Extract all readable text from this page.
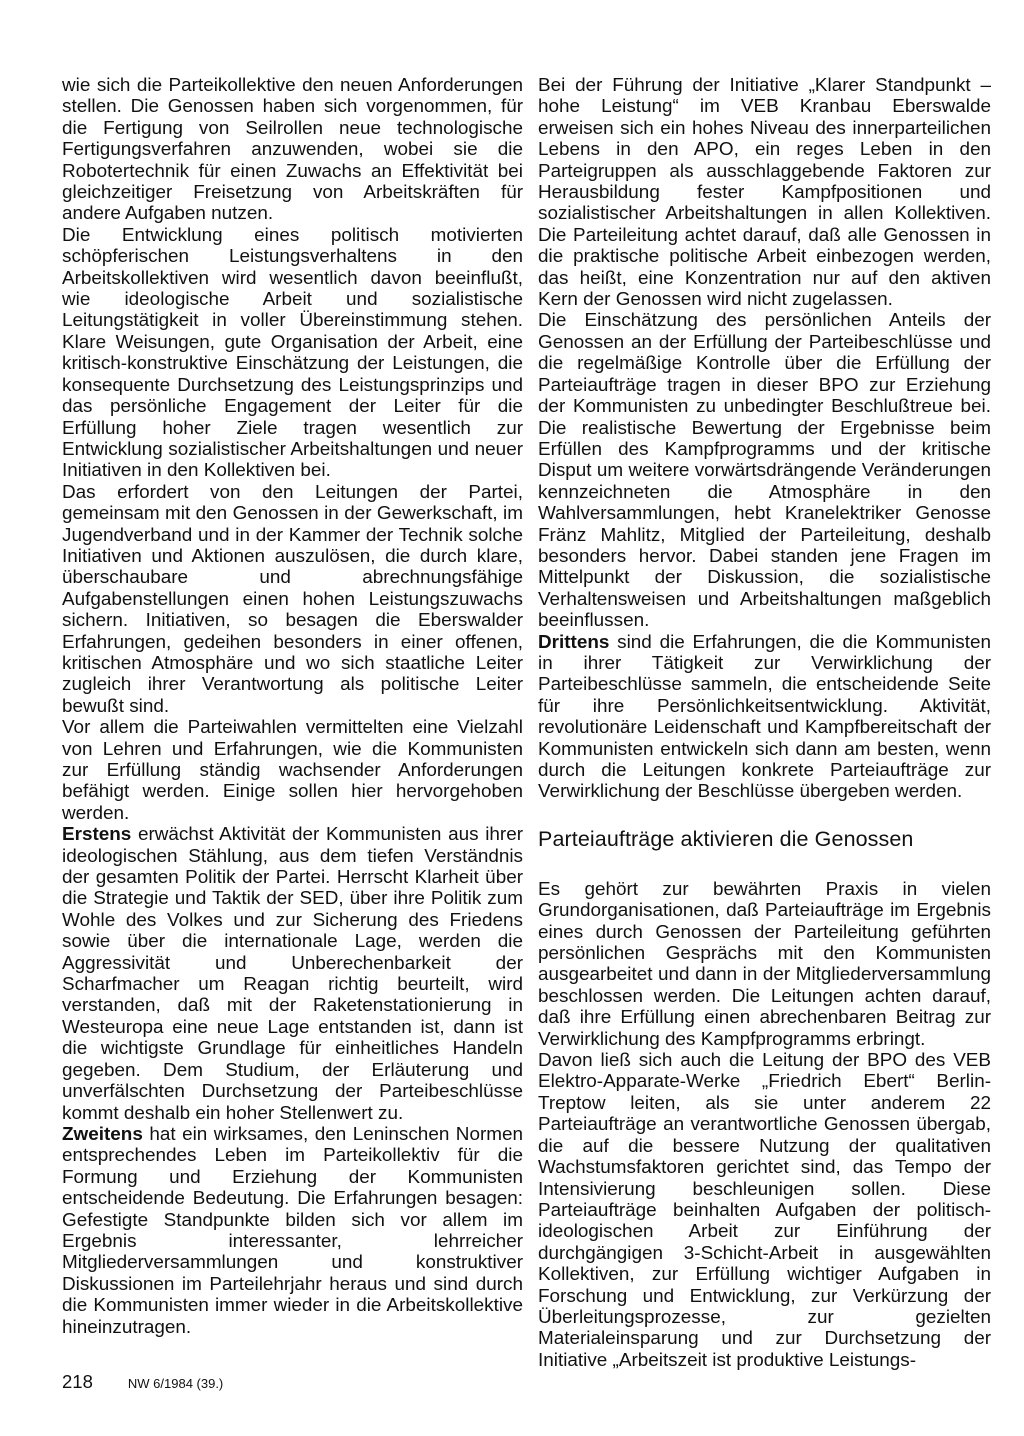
wie sich die Parteikollektive den neuen Anforderungen stellen. Die Genossen haben sich vorgenommen, für die Fertigung von Seilrollen neue technologische Fertigungsverfahren anzuwenden, wobei sie die Robotertechnik für einen Zuwachs an Effektivität bei gleichzeitiger Freisetzung von Arbeitskräften für andere Aufgaben nutzen.

Die Entwicklung eines politisch motivierten schöpferischen Leistungsverhaltens in den Arbeitskollektiven wird wesentlich davon beeinflußt, wie ideologische Arbeit und sozialistische Leitungstätigkeit in voller Übereinstimmung stehen. Klare Weisungen, gute Organisation der Arbeit, eine kritisch-konstruktive Einschätzung der Leistungen, die konsequente Durchsetzung des Leistungsprinzips und das persönliche Engagement der Leiter für die Erfüllung hoher Ziele tragen wesentlich zur Entwicklung sozialistischer Arbeitshaltungen und neuer Initiativen in den Kollektiven bei.

Das erfordert von den Leitungen der Partei, gemeinsam mit den Genossen in der Gewerkschaft, im Jugendverband und in der Kammer der Technik solche Initiativen und Aktionen auszulösen, die durch klare, überschaubare und abrechnungsfähige Aufgabenstellungen einen hohen Leistungszuwachs sichern. Initiativen, so besagen die Eberswalder Erfahrungen, gedeihen besonders in einer offenen, kritischen Atmosphäre und wo sich staatliche Leiter zugleich ihrer Verantwortung als politische Leiter bewußt sind.

Vor allem die Parteiwahlen vermittelten eine Vielzahl von Lehren und Erfahrungen, wie die Kommunisten zur Erfüllung ständig wachsender Anforderungen befähigt werden. Einige sollen hier hervorgehoben werden.

Erstens erwächst Aktivität der Kommunisten aus ihrer ideologischen Stählung, aus dem tiefen Verständnis der gesamten Politik der Partei. Herrscht Klarheit über die Strategie und Taktik der SED, über ihre Politik zum Wohle des Volkes und zur Sicherung des Friedens sowie über die internationale Lage, werden die Aggressivität und Unberechenbarkeit der Scharfmacher um Reagan richtig beurteilt, wird verstanden, daß mit der Raketenstationierung in Westeuropa eine neue Lage entstanden ist, dann ist die wichtigste Grundlage für einheitliches Handeln gegeben. Dem Studium, der Erläuterung und unverfälschten Durchsetzung der Parteibeschlüsse kommt deshalb ein hoher Stellenwert zu.

Zweitens hat ein wirksames, den Leninschen Normen entsprechendes Leben im Parteikollektiv für die Formung und Erziehung der Kommunisten entscheidende Bedeutung. Die Erfahrungen besagen: Gefestigte Standpunkte bilden sich vor allem im Ergebnis interessanter, lehrreicher Mitgliederversammlungen und konstruktiver Diskussionen im Parteilehrjahr heraus und sind durch die Kommunisten immer wieder in die Arbeitskollektive hineinzutragen.

Bei der Führung der Initiative „Klarer Standpunkt – hohe Leistung“ im VEB Kranbau Eberswalde erweisen sich ein hohes Niveau des innerparteilichen Lebens in den APO, ein reges Leben in den Parteigruppen als ausschlaggebende Faktoren zur Herausbildung fester Kampfpositionen und sozialistischer Arbeitshaltungen in allen Kollektiven. Die Parteileitung achtet darauf, daß alle Genossen in die praktische politische Arbeit einbezogen werden, das heißt, eine Konzentration nur auf den aktiven Kern der Genossen wird nicht zugelassen.

Die Einschätzung des persönlichen Anteils der Genossen an der Erfüllung der Parteibeschlüsse und die regelmäßige Kontrolle über die Erfüllung der Parteiaufträge tragen in dieser BPO zur Erziehung der Kommunisten zu unbedingter Beschlußtreue bei. Die realistische Bewertung der Ergebnisse beim Erfüllen des Kampfprogramms und der kritische Disput um weitere vorwärtsdrängende Veränderungen kennzeichneten die Atmosphäre in den Wahlversammlungen, hebt Kranelektriker Genosse Fränz Mahlitz, Mitglied der Parteileitung, deshalb besonders hervor. Dabei standen jene Fragen im Mittelpunkt der Diskussion, die sozialistische Verhaltensweisen und Arbeitshaltungen maßgeblich beeinflussen.

Drittens sind die Erfahrungen, die die Kommunisten in ihrer Tätigkeit zur Verwirklichung der Parteibeschlüsse sammeln, die entscheidende Seite für ihre Persönlichkeitsentwicklung. Aktivität, revolutionäre Leidenschaft und Kampfbereitschaft der Kommunisten entwickeln sich dann am besten, wenn durch die Leitungen konkrete Parteiaufträge zur Verwirklichung der Beschlüsse übergeben werden.

Parteiaufträge aktivieren die Genossen

Es gehört zur bewährten Praxis in vielen Grundorganisationen, daß Parteiaufträge im Ergebnis eines durch Genossen der Parteileitung geführten persönlichen Gesprächs mit den Kommunisten ausgearbeitet und dann in der Mitgliederversammlung beschlossen werden. Die Leitungen achten darauf, daß ihre Erfüllung einen abrechenbaren Beitrag zur Verwirklichung des Kampfprogramms erbringt.

Davon ließ sich auch die Leitung der BPO des VEB Elektro-Apparate-Werke „Friedrich Ebert“ Berlin-Treptow leiten, als sie unter anderem 22 Parteiaufträge an verantwortliche Genossen übergab, die auf die bessere Nutzung der qualitativen Wachstumsfaktoren gerichtet sind, das Tempo der Intensivierung beschleunigen sollen. Diese Parteiaufträge beinhalten Aufgaben der politisch-ideologischen Arbeit zur Einführung der durchgängigen 3-Schicht-Arbeit in ausgewählten Kollektiven, zur Erfüllung wichtiger Aufgaben in Forschung und Entwicklung, zur Verkürzung der Überleitungsprozesse, zur gezielten Materialeinsparung und zur Durchsetzung der Initiative „Arbeitszeit ist produktive Leistungs-

218	NW 6/1984 (39.)
